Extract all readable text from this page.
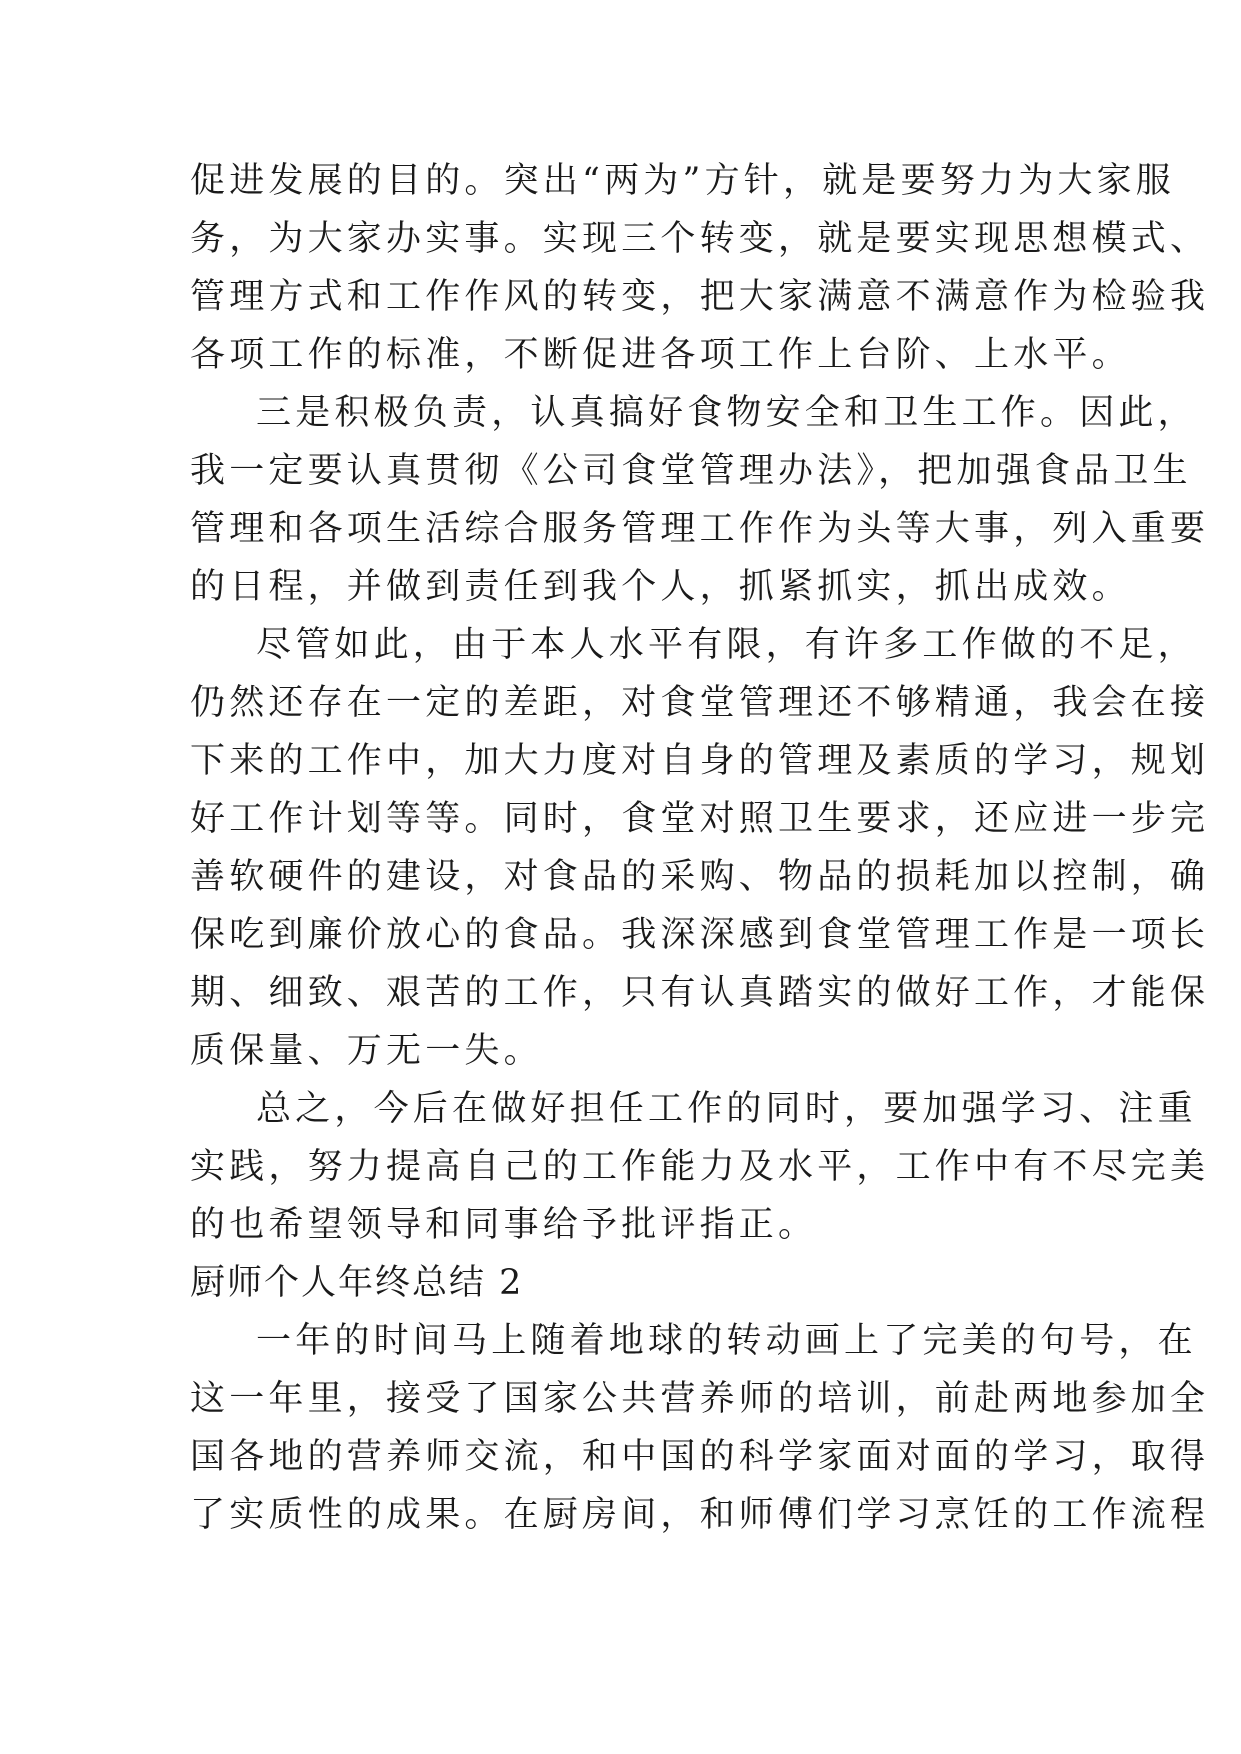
促进发展的目的。突出“两为”方针，就是要努力为大家服
务，为大家办实事。实现三个转变，就是要实现思想模式、
管理方式和工作作风的转变，把大家满意不满意作为检验我
各项工作的标准，不断促进各项工作上台阶、上水平。
三是积极负责，认真搞好食物安全和卫生工作。因此，
我一定要认真贯彻《公司食堂管理办法》，把加强食品卫生
管理和各项生活综合服务管理工作作为头等大事，列入重要
的日程，并做到责任到我个人，抓紧抓实，抓出成效。
尽管如此，由于本人水平有限，有许多工作做的不足，
仍然还存在一定的差距，对食堂管理还不够精通，我会在接
下来的工作中，加大力度对自身的管理及素质的学习，规划
好工作计划等等。同时，食堂对照卫生要求，还应进一步完
善软硬件的建设，对食品的采购、物品的损耗加以控制，确
保吃到廉价放心的食品。我深深感到食堂管理工作是一项长
期、细致、艰苦的工作，只有认真踏实的做好工作，才能保
质保量、万无一失。
总之，今后在做好担任工作的同时，要加强学习、注重
实践，努力提高自己的工作能力及水平，工作中有不尽完美
的也希望领导和同事给予批评指正。
厨师个人年终总结 2
一年的时间马上随着地球的转动画上了完美的句号，在
这一年里，接受了国家公共营养师的培训，前赴两地参加全
国各地的营养师交流，和中国的科学家面对面的学习，取得
了实质性的成果。在厨房间，和师傅们学习烹饪的工作流程
